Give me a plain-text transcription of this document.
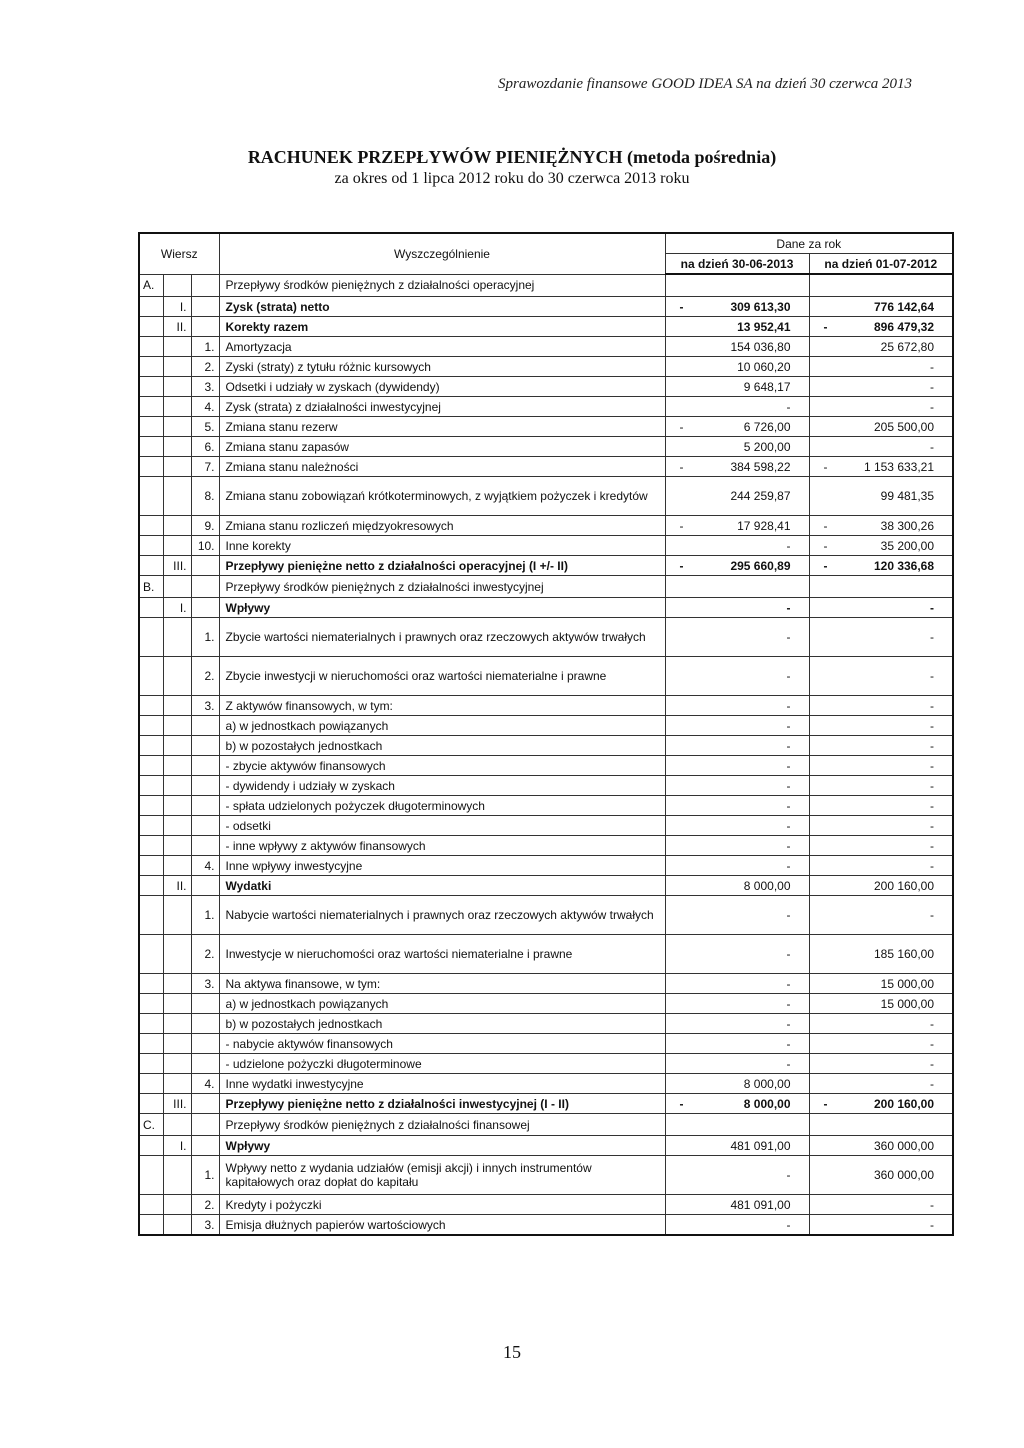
Sprawozdanie finansowe GOOD IDEA SA na dzień 30 czerwca 2013
RACHUNEK PRZEPŁYWÓW PIENIĘŻNYCH (metoda pośrednia)
za okres od 1 lipca 2012 roku do 30 czerwca 2013 roku
Wiersz			Wyszczególnienie	Dane za rok	
				na dzień 30-06-2013	na dzień 01-07-2012
A.			Przepływy środków pieniężnych z działalności operacyjnej	

	I.		Zysk (strata) netto	- 309 613,30	776 142,64
	II.		Korekty razem	13 952,41	- 896 479,32
		1.	Amortyzacja	154 036,80	25 672,80
		2.	Zyski (straty) z tytułu różnic kursowych	10 060,20	-
		3.	Odsetki i udziały w zyskach (dywidendy)	9 648,17	-
		4.	Zysk (strata) z działalności inwestycyjnej	-	-
		5.	Zmiana stanu rezerw	- 6 726,00	205 500,00
		6.	Zmiana stanu zapasów	5 200,00	-
		7.	Zmiana stanu należności	- 384 598,22	- 1 153 633,21
		8.	Zmiana stanu zobowiązań krótkoterminowych, z wyjątkiem pożyczek i kredytów	244 259,87	99 481,35
		9.	Zmiana stanu rozliczeń międzyokresowych	- 17 928,41	- 38 300,26
		10.	Inne korekty	-	- 35 200,00
	III.		Przepływy pieniężne netto z działalności operacyjnej (I +/- II)	- 295 660,89	- 120 336,68
B.			Przepływy środków pieniężnych z działalności inwestycyjnej	

	I.		Wpływy	-	-
		1.	Zbycie wartości niematerialnych i prawnych oraz rzeczowych aktywów trwałych	-	-
		2.	Zbycie inwestycji w nieruchomości oraz wartości niematerialne i prawne	-	-
		3.	Z aktywów finansowych, w tym:	-	-
			a) w jednostkach powiązanych	-	-
			b) w pozostałych jednostkach	-	-
			- zbycie aktywów finansowych	-	-
			- dywidendy i udziały w zyskach	-	-
			- spłata udzielonych pożyczek długoterminowych	-	-
			- odsetki	-	-
			- inne wpływy z aktywów finansowych	-	-
		4.	Inne wpływy inwestycyjne	-	-
	II.		Wydatki	8 000,00	200 160,00
		1.	Nabycie wartości niematerialnych i prawnych oraz rzeczowych aktywów trwałych	-	-
		2.	Inwestycje w nieruchomości oraz wartości niematerialne i prawne	-	185 160,00
		3.	Na aktywa finansowe, w tym:	-	15 000,00
			a) w jednostkach powiązanych	-	15 000,00
			b) w pozostałych jednostkach	-	-
			- nabycie aktywów finansowych	-	-
			- udzielone pożyczki długoterminowe	-	-
		4.	Inne wydatki inwestycyjne	8 000,00	-
	III.		Przepływy pieniężne netto z działalności inwestycyjnej (I - II)	- 8 000,00	- 200 160,00
C.			Przepływy środków pieniężnych z działalności finansowej	

	I.		Wpływy	481 091,00	360 000,00
		1.	Wpływy netto z wydania udziałów (emisji akcji) i innych instrumentów kapitałowych oraz dopłat do kapitału	-	360 000,00
		2.	Kredyty i pożyczki	481 091,00	-
		3.	Emisja dłużnych papierów wartościowych	-	-
15
